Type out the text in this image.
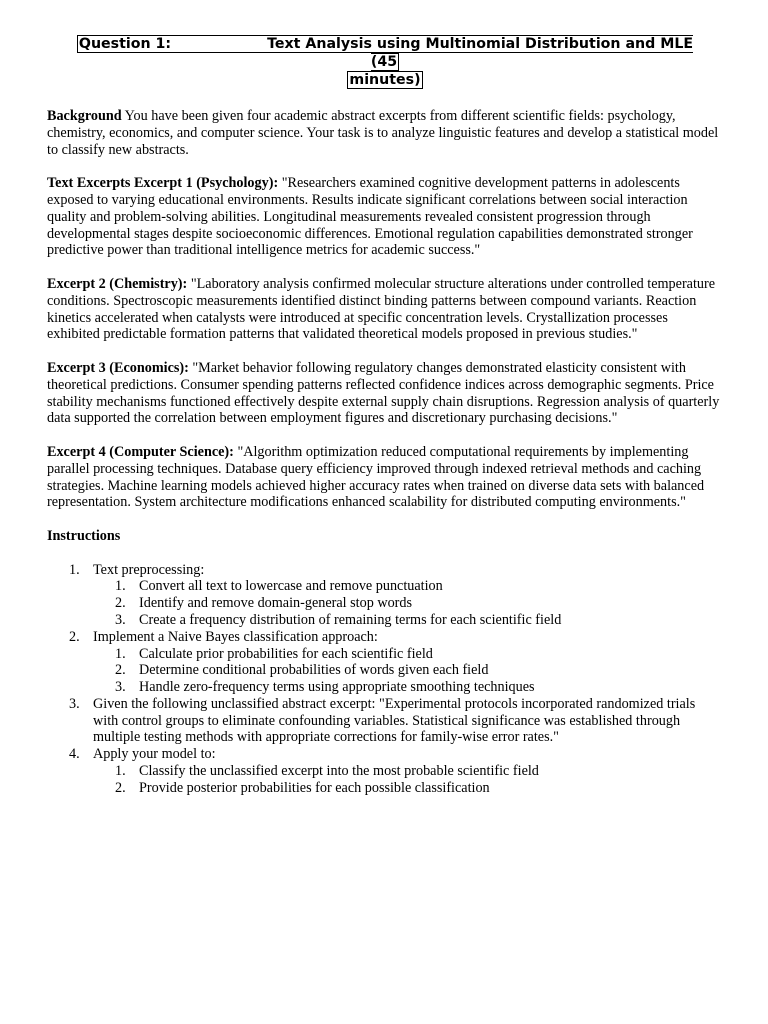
Question 1:	Text Analysis using Multinomial Distribution and MLE (45
minutes)

Background You have been given four academic abstract excerpts from different scientific fields: psychology, chemistry, economics, and computer science. Your task is to analyze linguistic features and develop a statistical model to classify new abstracts.

Text Excerpts Excerpt 1 (Psychology): "Researchers examined cognitive development patterns in adolescents exposed to varying educational environments. Results indicate significant correlations between social interaction quality and problem-solving abilities. Longitudinal measurements revealed consistent progression through developmental stages despite socioeconomic differences. Emotional regulation capabilities demonstrated stronger predictive power than traditional intelligence metrics for academic success."

Excerpt 2 (Chemistry): "Laboratory analysis confirmed molecular structure alterations under controlled temperature conditions. Spectroscopic measurements identified distinct binding patterns between compound variants. Reaction kinetics accelerated when catalysts were introduced at specific concentration levels. Crystallization processes exhibited predictable formation patterns that validated theoretical models proposed in previous studies."

Excerpt 3 (Economics): "Market behavior following regulatory changes demonstrated elasticity consistent with theoretical predictions. Consumer spending patterns reflected confidence indices across demographic segments. Price stability mechanisms functioned effectively despite external supply chain disruptions. Regression analysis of quarterly data supported the correlation between employment figures and discretionary purchasing decisions."

Excerpt 4 (Computer Science): "Algorithm optimization reduced computational requirements by implementing parallel processing techniques. Database query efficiency improved through indexed retrieval methods and caching strategies. Machine learning models achieved higher accuracy rates when trained on diverse data sets with balanced representation. System architecture modifications enhanced scalability for distributed computing environments."

Instructions

1. Text preprocessing:
1. Convert all text to lowercase and remove punctuation
2. Identify and remove domain-general stop words
3. Create a frequency distribution of remaining terms for each scientific field
2. Implement a Naive Bayes classification approach:
1. Calculate prior probabilities for each scientific field
2. Determine conditional probabilities of words given each field
3. Handle zero-frequency terms using appropriate smoothing techniques
3. Given the following unclassified abstract excerpt: "Experimental protocols incorporated randomized trials with control groups to eliminate confounding variables. Statistical significance was established through multiple testing methods with appropriate corrections for family-wise error rates."
4. Apply your model to:
1. Classify the unclassified excerpt into the most probable scientific field
2. Provide posterior probabilities for each possible classification
